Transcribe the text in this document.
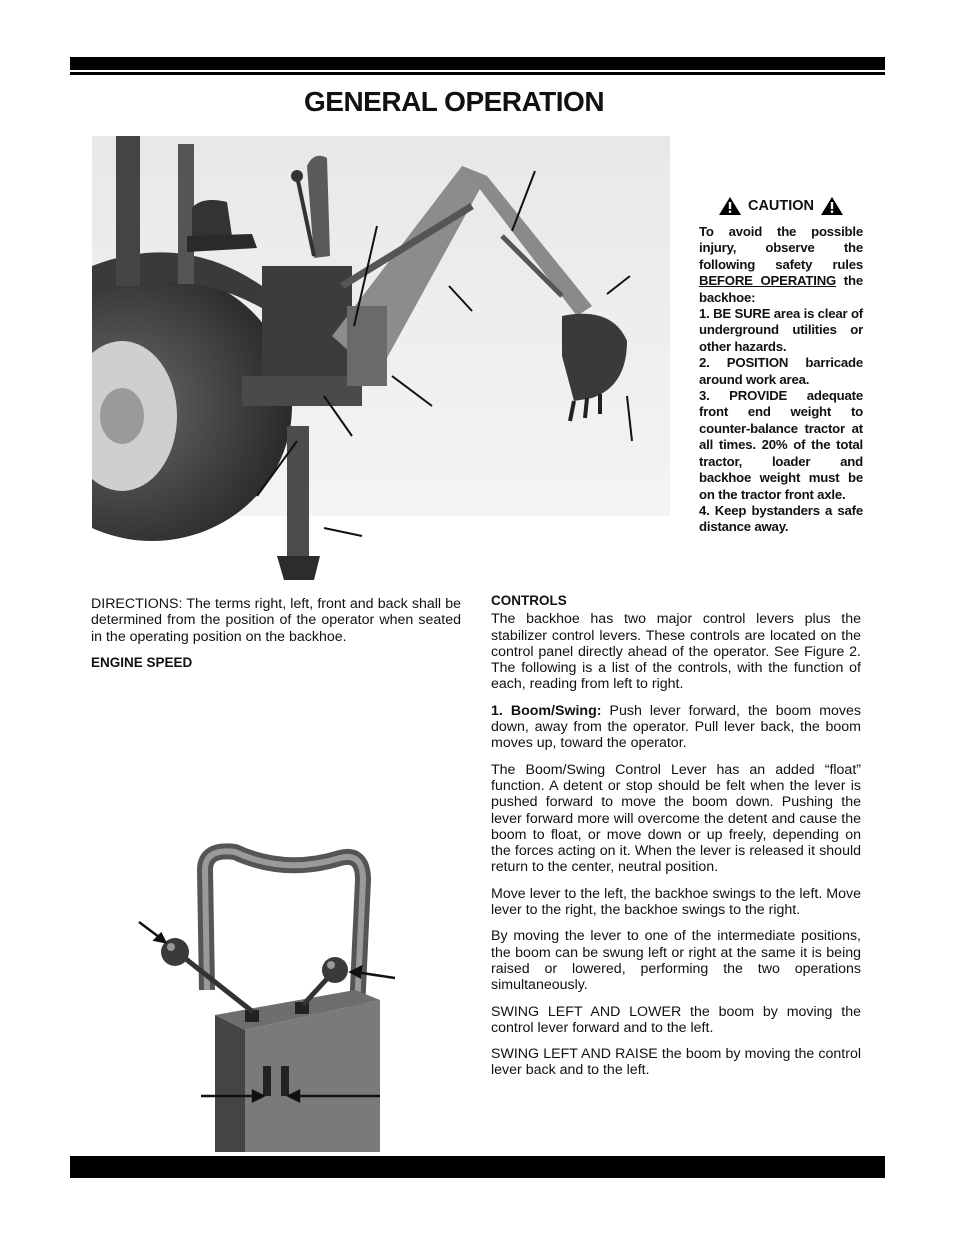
GENERAL OPERATION
CAUTION

To avoid the possible injury, observe the following safety rules BEFORE OPERATING the backhoe:

1. BE SURE area is clear of underground utilities or other hazards.

2. POSITION barricade around work area.

3. PROVIDE adequate front end weight to counter-balance tractor at all times. 20% of the total tractor, loader and backhoe weight must be on the tractor front axle.

4. Keep bystanders a safe distance away.

DIRECTIONS: The terms right, left, front and back shall be determined from the position of the operator when seated in the operating position on the backhoe.

ENGINE SPEED

CONTROLS

The backhoe has two major control levers plus the stabilizer control levers. These controls are located on the control panel directly ahead of the operator. See Figure 2. The following is a list of the controls, with the function of each, reading from left to right.

1. Boom/Swing: Push lever forward, the boom moves down, away from the operator. Pull lever back, the boom moves up, toward the operator.

The Boom/Swing Control Lever has an added “float” function. A detent or stop should be felt when the lever is pushed forward to move the boom down. Pushing the lever forward more will overcome the detent and cause the boom to float, or move down or up freely, depending on the forces acting on it. When the lever is released it should return to the center, neutral position.

Move lever to the left, the backhoe swings to the left. Move lever to the right, the backhoe swings to the right.

By moving the lever to one of the intermediate positions, the boom can be swung left or right at the same it is being raised or lowered, performing the two operations simultaneously.

SWING LEFT AND LOWER the boom by moving the control lever forward and to the left.

SWING LEFT AND RAISE the boom by moving the control lever back and to the left.
